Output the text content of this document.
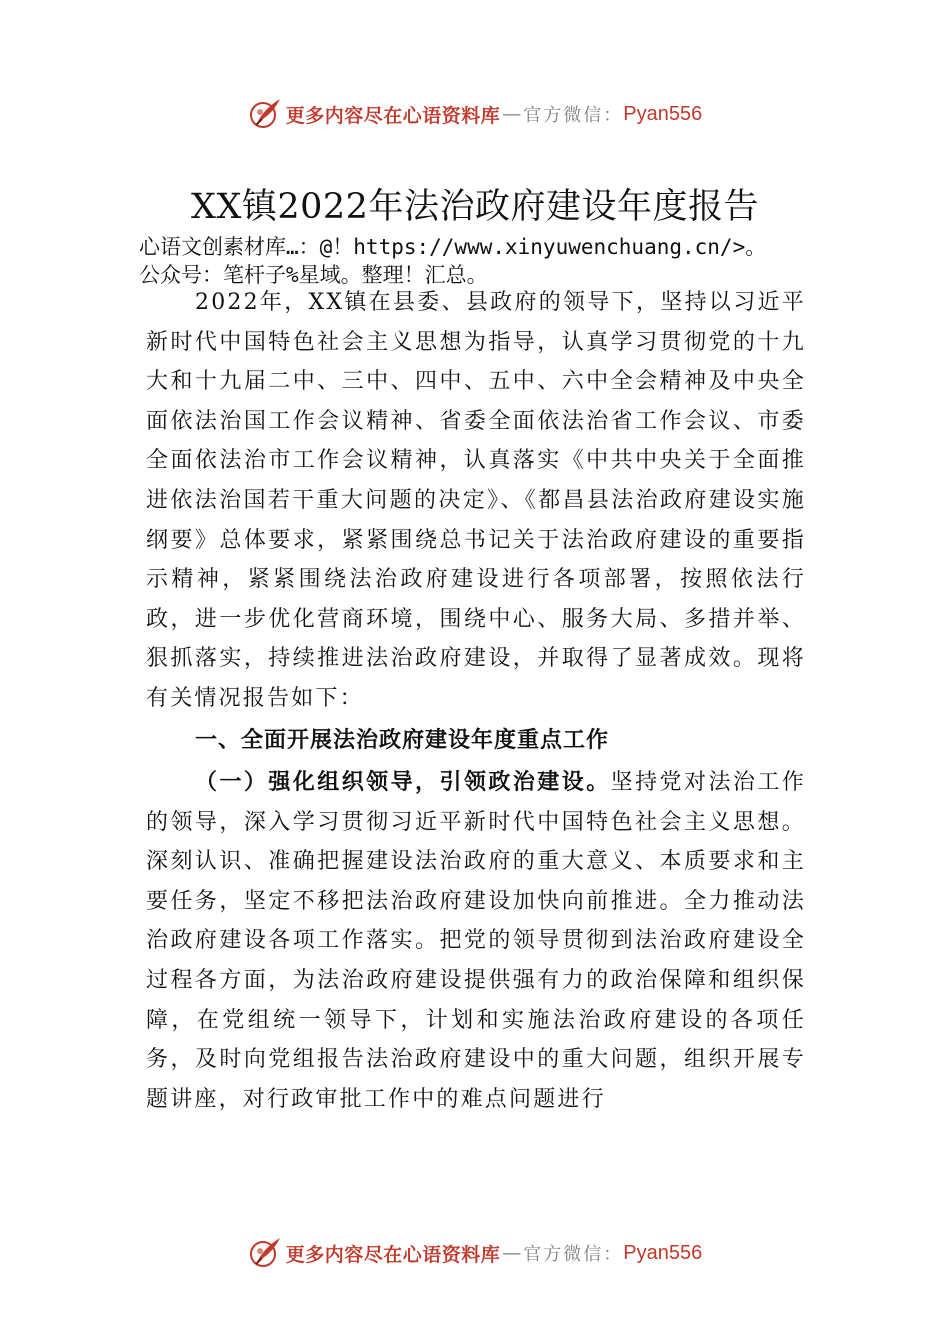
更多内容尽在心语资料库 — 官方微信： Pyan556
XX镇2022年法治政府建设年度报告

心语文创素材库…：@！https://www.xinyuwenchuang.cn/>。

公众号：笔杆子%星域。整理！汇总。

2022年，XX镇在县委、县政府的领导下，坚持以习近平新时代中国特色社会主义思想为指导，认真学习贯彻党的十九大和十九届二中、三中、四中、五中、六中全会精神及中央全面依法治国工作会议精神、省委全面依法治省工作会议、市委全面依法治市工作会议精神，认真落实《中共中央关于全面推进依法治国若干重大问题的决定》、《都昌县法治政府建设实施纲要》总体要求，紧紧围绕总书记关于法治政府建设的重要指示精神，紧紧围绕法治政府建设进行各项部署，按照依法行政，进一步优化营商环境，围绕中心、服务大局、多措并举、狠抓落实，持续推进法治政府建设，并取得了显著成效。现将有关情况报告如下：

一、全面开展法治政府建设年度重点工作

（一）强化组织领导，引领政治建设。坚持党对法治工作的领导，深入学习贯彻习近平新时代中国特色社会主义思想。深刻认识、准确把握建设法治政府的重大意义、本质要求和主要任务，坚定不移把法治政府建设加快向前推进。全力推动法治政府建设各项工作落实。把党的领导贯彻到法治政府建设全过程各方面，为法治政府建设提供强有力的政治保障和组织保障，在党组统一领导下，计划和实施法治政府建设的各项任务，及时向党组报告法治政府建设中的重大问题，组织开展专题讲座，对行政审批工作中的难点问题进行

更多内容尽在心语资料库 — 官方微信： Pyan556
